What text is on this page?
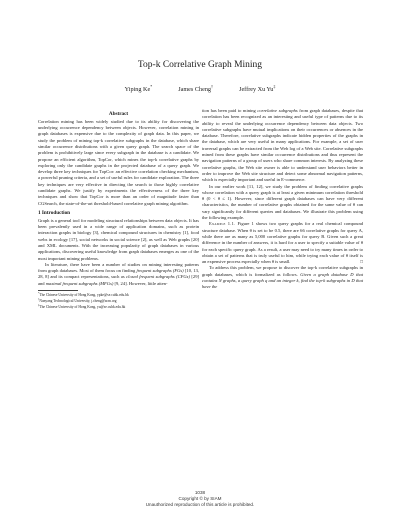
Top-k Correlative Graph Mining
Yiping Ke*	James Cheng†	Jeffrey Xu Yu‡
Abstract

Correlation mining has been widely studied due to its ability for discovering the underlying occurrence dependency between objects. However, correlation mining in graph databases is expensive due to the complexity of graph data. In this paper, we study the problem of mining top-k correlative subgraphs in the database, which share similar occurrence distributions with a given query graph. The search space of the problem is prohibitively large since every subgraph in the database is a candidate. We propose an efficient algorithm, TopCor, which mines the top-k correlative graphs by exploring only the candidate graphs in the projected database of a query graph. We develop three key techniques for TopCor: an effective correlation checking mechanism, a powerful pruning criteria, and a set of useful rules for candidate exploration. The three key techniques are very effective in directing the search to those highly correlative candidate graphs. We justify by experiments the effectiveness of the three key techniques and show that TopCor is more than an order of magnitude faster than CGSearch, the state-of-the-art threshold-based correlative graph mining algorithm.

1 Introduction

Graph is a general tool for modeling structural relationships between data objects. It has been prevalently used in a wide range of application domains, such as protein interaction graphs in biology [3], chemical compound structures in chemistry [1], food webs in ecology [17], social networks in social science [2], as well as Web graphs [20] and XML documents. With the increasing popularity of graph databases in various applications, discovering useful knowledge from graph databases emerges as one of the most important mining problems.

In literature, there have been a number of studies on mining interesting patterns from graph databases. Most of them focus on finding frequent subgraphs (FGs) [10, 13, 28, 8] and its compact representations, such as closed frequent subgraphs (CFGs) [29] and maximal frequent subgraphs (MFGs) [9, 24]. However, little atten-

*The Chinese University of Hong Kong, ypke@se.cuhk.edu.hk
†Nanyang Technological University, j.cheng@acm.org
‡The Chinese University of Hong Kong, yu@se.cuhk.edu.hk

tion has been paid to mining correlative subgraphs from graph databases, despite that correlation has been recognized as an interesting and useful type of patterns due to its ability to reveal the underlying occurrence dependency between data objects. Two correlative subgraphs have mutual implications on their occurrences or absences in the database. Therefore, correlative subgraphs indicate hidden properties of the graphs in the database, which are very useful in many applications. For example, a set of user traversal graphs can be extracted from the Web log of a Web site. Correlative subgraphs mined from these graphs have similar occurrence distributions and thus represent the navigation patterns of a group of users who share common interests. By analyzing these correlative graphs, the Web site owner is able to understand user behaviors better in order to improve the Web site structure and detect some abnormal navigation patterns, which is especially important and useful in E-commerce.

In our earlier work [11, 12], we study the problem of finding correlative graphs whose correlation with a query graph is at least a given minimum correlation threshold θ (0 < θ ≤ 1). However, since different graph databases can have very different characteristics, the number of correlative graphs obtained for the same value of θ can vary significantly for different queries and databases. We illustrate this problem using the following example.

Example 1.1. Figure 1 shows two query graphs for a real chemical compound structure database. When θ is set to be 0.5, there are 66 correlative graphs for query A, while there are as many as 5,000 correlative graphs for query B. Given such a great difference in the number of answers, it is hard for a user to specify a suitable value of θ for each specific query graph. As a result, a user may need to try many times in order to obtain a set of patterns that is truly useful to him, while trying each value of θ itself is an expensive process especially when θ is small.	□

To address this problem, we propose to discover the top-k correlative subgraphs in graph databases, which is formalized as follows. Given a graph database D that contains N graphs, a query graph q and an integer k, find the top-k subgraphs in D that have the

1038
Copyright © by SIAM
Unauthorized reproduction of this article is prohibited.
